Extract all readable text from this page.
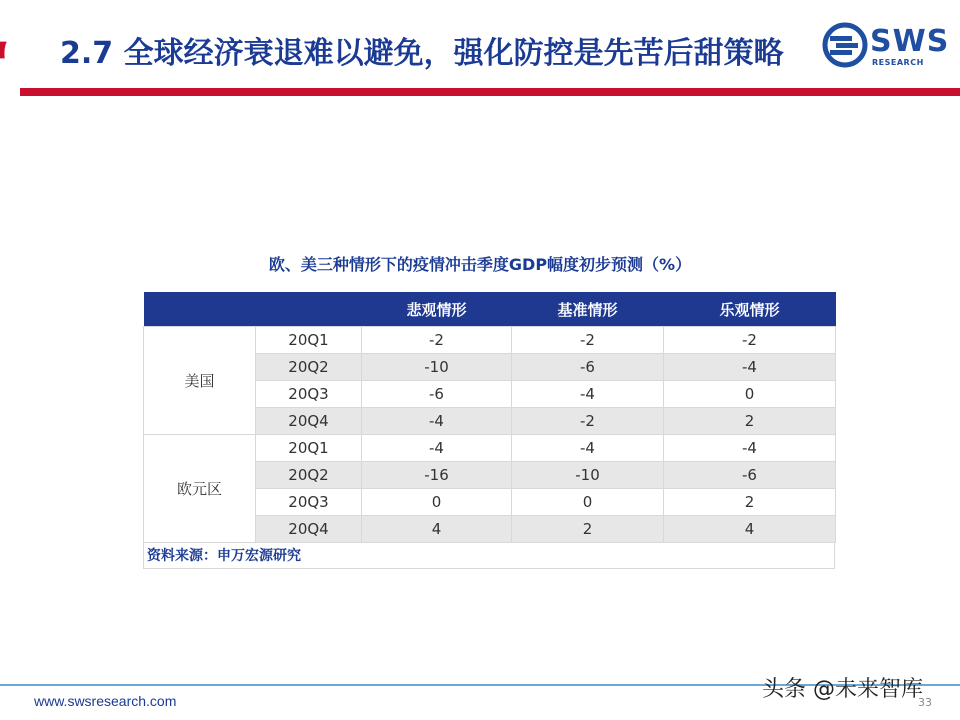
2.7 全球经济衰退难以避免，强化防控是先苦后甜策略	SWS
RESEARCH
欧、美三种情形下的疫情冲击季度GDP幅度初步预测（%）
		悲观情形	基准情形	乐观情形
美国	20Q1	-2	-2	-2
	20Q2	-10	-6	-4
	20Q3	-6	-4	0
	20Q4	-4	-2	2
欧元区	20Q1	-4	-4	-4
	20Q2	-16	-10	-6
	20Q3	0	0	2
	20Q4	4	2	4
资料来源：申万宏源研究
www.swsresearch.com	头条 @未来智库
33
